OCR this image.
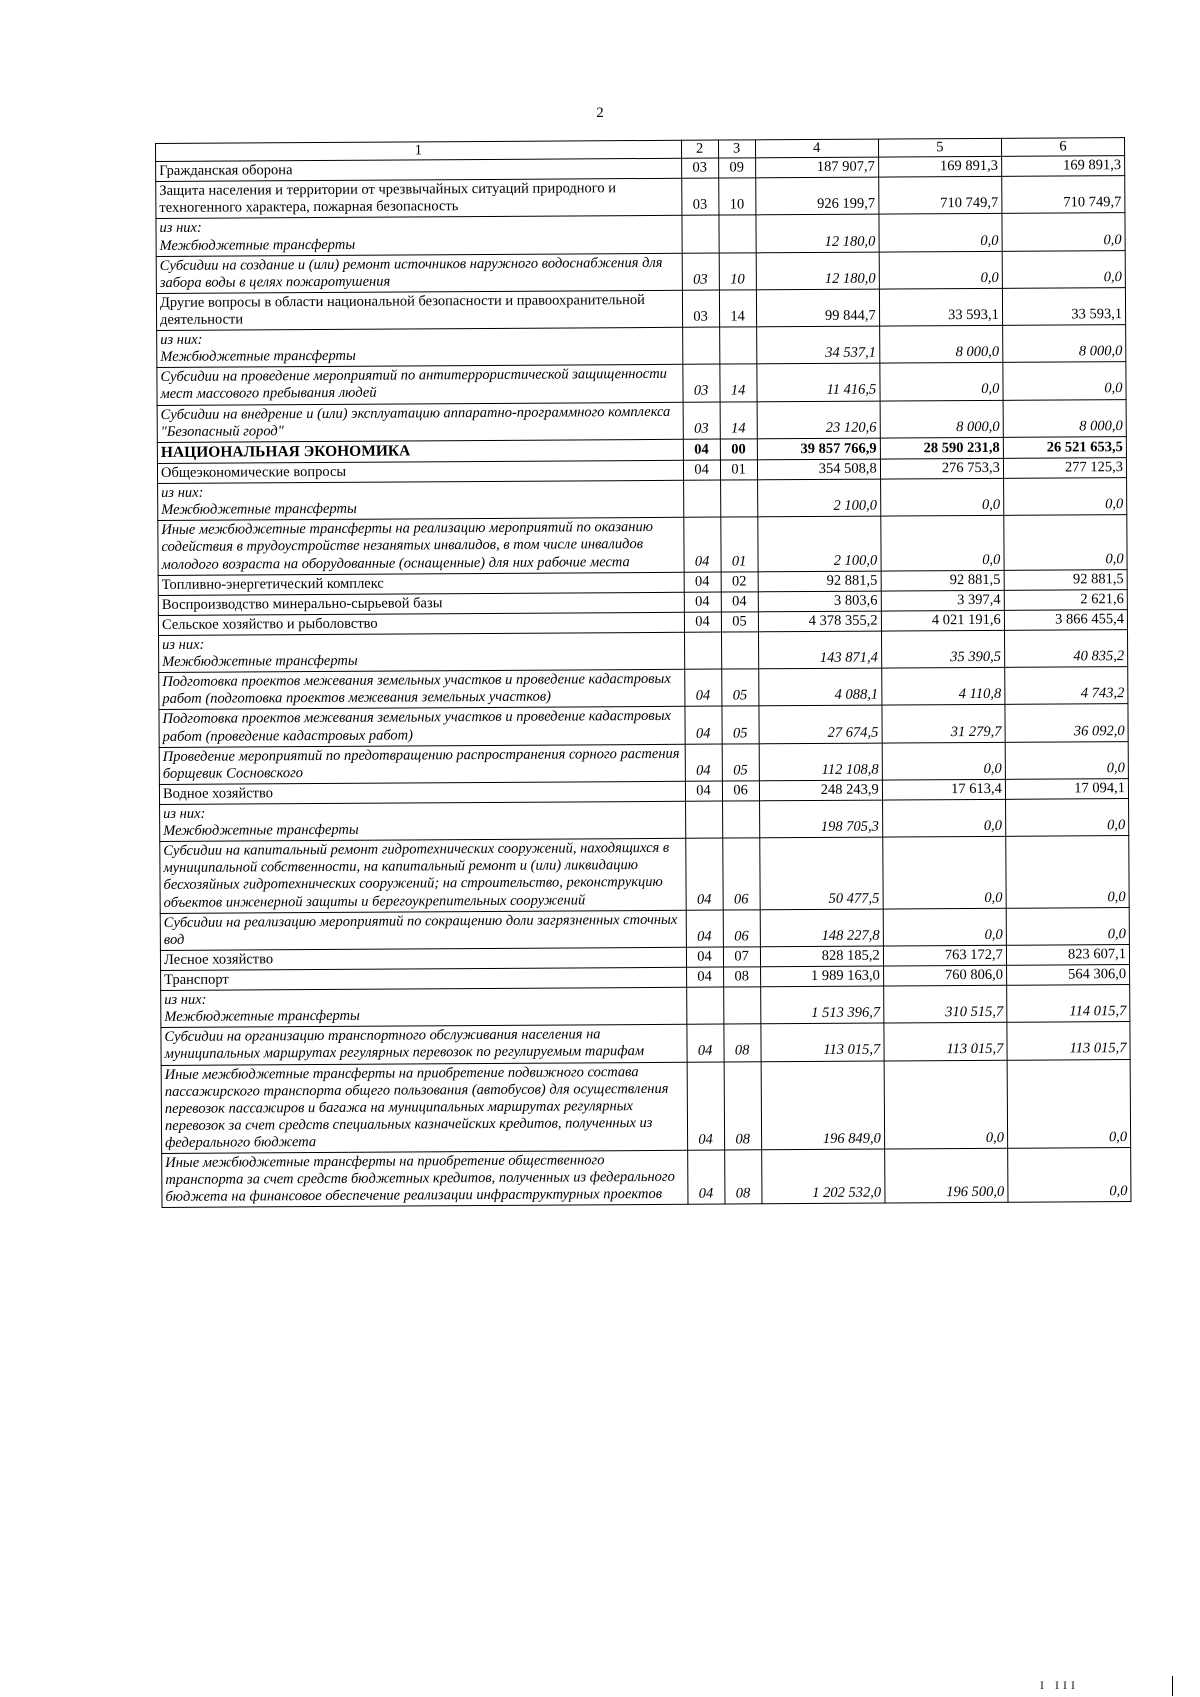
2
1	2	3	4	5	6

Гражданская оборона	03	09	187 907,7	169 891,3	169 891,3

Защита населения и территории от чрезвычайных ситуаций природного и техногенного характера, пожарная безопасность	03	10	926 199,7	710 749,7	710 749,7

из них:
Межбюджетные трансферты			12 180,0	0,0	0,0

Субсидии на создание и (или) ремонт источников наружного водоснабжения для забора воды в целях пожаротушения	03	10	12 180,0	0,0	0,0

Другие вопросы в области национальной безопасности и правоохранительной деятельности	03	14	99 844,7	33 593,1	33 593,1

из них:
Межбюджетные трансферты			34 537,1	8 000,0	8 000,0

Субсидии на проведение мероприятий по антитеррористической защищенности мест массового пребывания людей	03	14	11 416,5	0,0	0,0

Субсидии на внедрение и (или) эксплуатацию аппаратно-программного комплекса "Безопасный город"	03	14	23 120,6	8 000,0	8 000,0

НАЦИОНАЛЬНАЯ ЭКОНОМИКА	04	00	39 857 766,9	28 590 231,8	26 521 653,5

Общеэкономические вопросы	04	01	354 508,8	276 753,3	277 125,3

из них:
Межбюджетные трансферты			2 100,0	0,0	0,0

Иные межбюджетные трансферты на реализацию мероприятий по оказанию содействия в трудоустройстве незанятых инвалидов, в том числе инвалидов молодого возраста на оборудованные (оснащенные) для них рабочие места	04	01	2 100,0	0,0	0,0

Топливно-энергетический комплекс	04	02	92 881,5	92 881,5	92 881,5

Воспроизводство минерально-сырьевой базы	04	04	3 803,6	3 397,4	2 621,6

Сельское хозяйство и рыболовство	04	05	4 378 355,2	4 021 191,6	3 866 455,4

из них:
Межбюджетные трансферты			143 871,4	35 390,5	40 835,2

Подготовка проектов межевания земельных участков и проведение кадастровых работ (подготовка проектов межевания земельных участков)	04	05	4 088,1	4 110,8	4 743,2

Подготовка проектов межевания земельных участков и проведение кадастровых работ (проведение кадастровых работ)	04	05	27 674,5	31 279,7	36 092,0

Проведение мероприятий по предотвращению распространения сорного растения борщевик Сосновского	04	05	112 108,8	0,0	0,0

Водное хозяйство	04	06	248 243,9	17 613,4	17 094,1

из них:
Межбюджетные трансферты			198 705,3	0,0	0,0

Субсидии на капитальный ремонт гидротехнических сооружений, находящихся в муниципальной собственности, на капитальный ремонт и (или) ликвидацию бесхозяйных гидротехнических сооружений; на строительство, реконструкцию объектов инженерной защиты и берегоукрепительных сооружений	04	06	50 477,5	0,0	0,0

Субсидии на реализацию мероприятий по сокращению доли загрязненных сточных вод	04	06	148 227,8	0,0	0,0

Лесное хозяйство	04	07	828 185,2	763 172,7	823 607,1

Транспорт	04	08	1 989 163,0	760 806,0	564 306,0

из них:
Межбюджетные трансферты			1 513 396,7	310 515,7	114 015,7

Субсидии на организацию транспортного обслуживания населения на муниципальных маршрутах регулярных перевозок по регулируемым тарифам	04	08	113 015,7	113 015,7	113 015,7

Иные межбюджетные трансферты на приобретение подвижного состава пассажирского транспорта общего пользования (автобусов) для осуществления перевозок пассажиров и багажа на муниципальных маршрутах регулярных перевозок за счет средств специальных казначейских кредитов, полученных из федерального бюджета	04	08	196 849,0	0,0	0,0

Иные межбюджетные трансферты на приобретение общественного транспорта за счет средств бюджетных кредитов, полученных из федерального бюджета на финансовое обеспечение реализации инфраструктурных проектов	04	08	1 202 532,0	196 500,0	0,0
Ι ΙΙΙ
